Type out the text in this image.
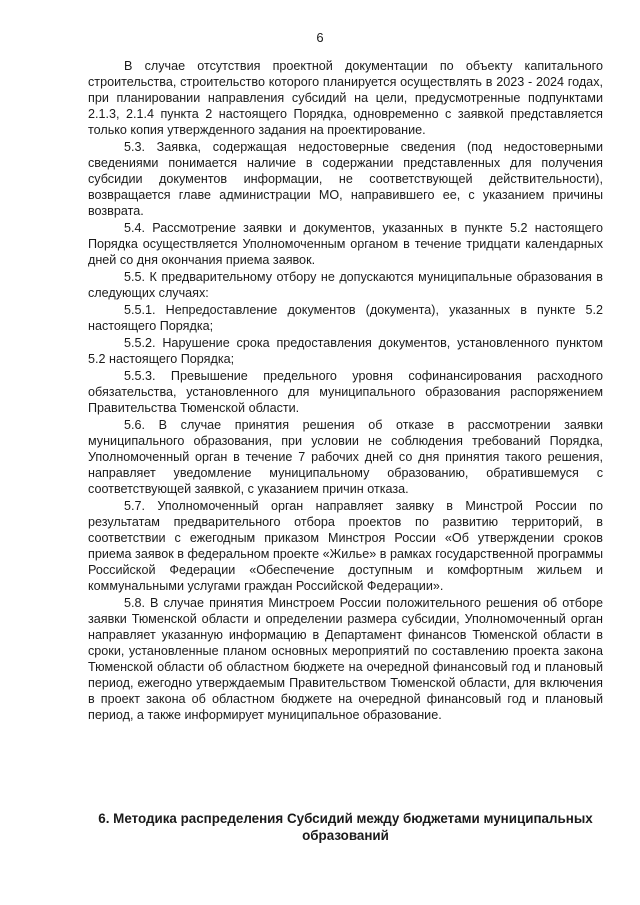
6

В случае отсутствия проектной документации по объекту капитального строительства, строительство которого планируется осуществлять в 2023 - 2024 годах, при планировании направления субсидий на цели, предусмотренные подпунктами 2.1.3, 2.1.4 пункта 2 настоящего Порядка, одновременно с заявкой представляется только копия утвержденного задания на проектирование.

5.3. Заявка, содержащая недостоверные сведения (под недостоверными сведениями понимается наличие в содержании представленных для получения субсидии документов информации, не соответствующей действительности), возвращается главе администрации МО, направившего ее, с указанием причины возврата.

5.4. Рассмотрение заявки и документов, указанных в пункте 5.2 настоящего Порядка осуществляется Уполномоченным органом в течение тридцати календарных дней со дня окончания приема заявок.

5.5. К предварительному отбору не допускаются муниципальные образования в следующих случаях:

5.5.1. Непредоставление документов (документа), указанных в пункте 5.2 настоящего Порядка;

5.5.2. Нарушение срока предоставления документов, установленного пунктом 5.2 настоящего Порядка;

5.5.3. Превышение предельного уровня софинансирования расходного обязательства, установленного для муниципального образования распоряжением Правительства Тюменской области.

5.6. В случае принятия решения об отказе в рассмотрении заявки муниципального образования, при условии не соблюдения требований Порядка, Уполномоченный орган в течение 7 рабочих дней со дня принятия такого решения, направляет уведомление муниципальному образованию, обратившемуся с соответствующей заявкой, с указанием причин отказа.

5.7. Уполномоченный орган направляет заявку в Минстрой России по результатам предварительного отбора проектов по развитию территорий, в соответствии с ежегодным приказом Минстроя России «Об утверждении сроков приема заявок в федеральном проекте «Жилье» в рамках государственной программы Российской Федерации «Обеспечение доступным и комфортным жильем и коммунальными услугами граждан Российской Федерации».

5.8. В случае принятия Минстроем России положительного решения об отборе заявки Тюменской области и определении размера субсидии, Уполномоченный орган направляет указанную информацию в Департамент финансов Тюменской области в сроки, установленные планом основных мероприятий по составлению проекта закона Тюменской области об областном бюджете на очередной финансовый год и плановый период, ежегодно утверждаемым Правительством Тюменской области, для включения в проект закона об областном бюджете на очередной финансовый год и плановый период, а также информирует муниципальное образование.

6. Методика распределения Субсидий между бюджетами муниципальных образований
